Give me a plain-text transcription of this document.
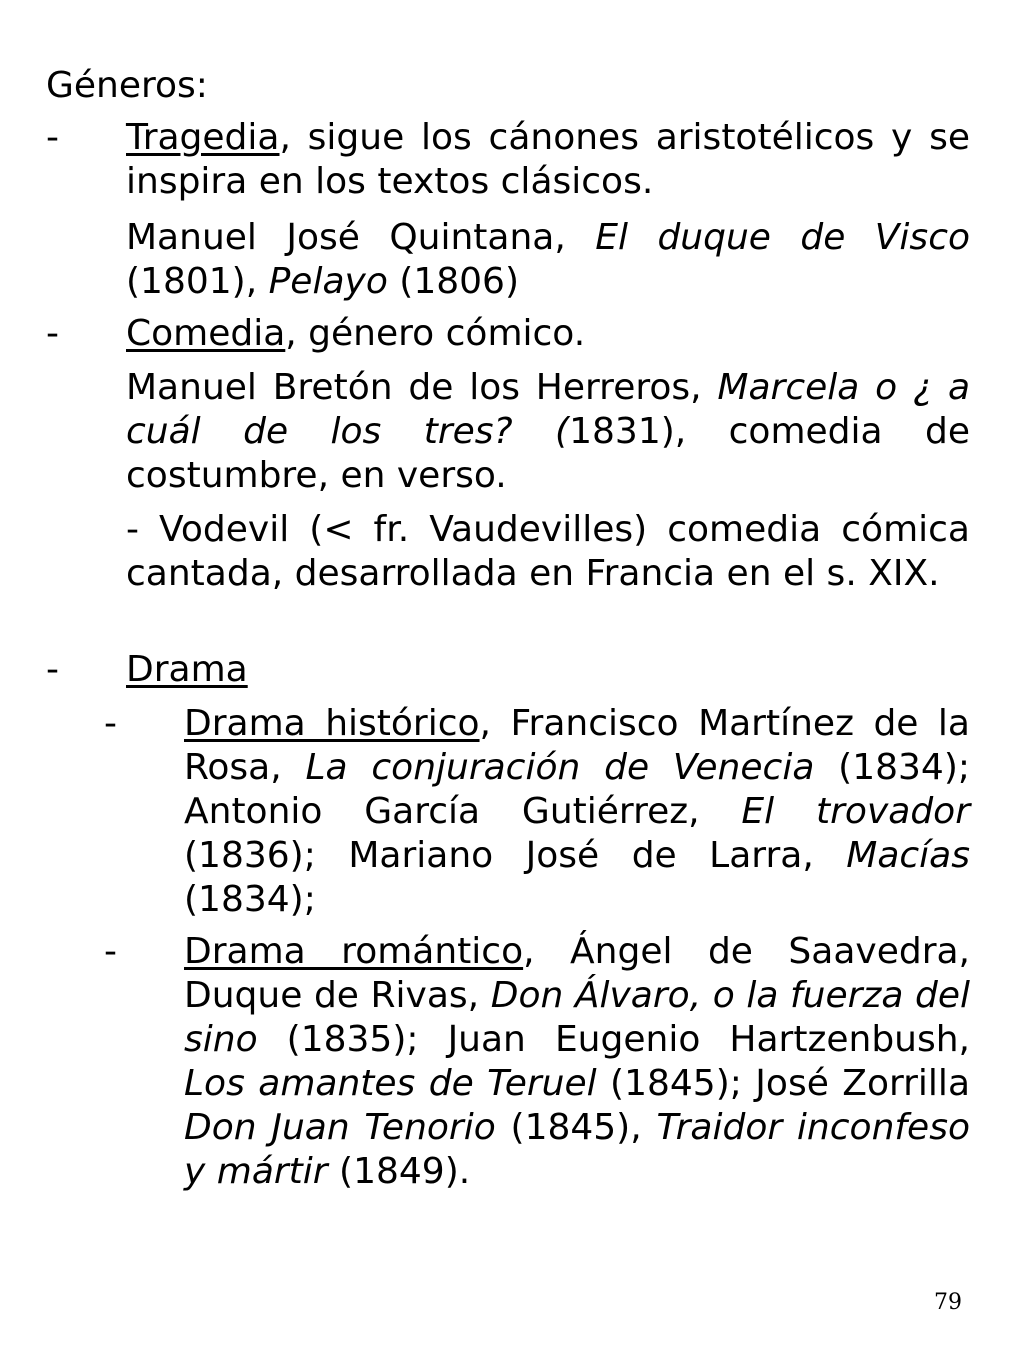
Géneros:

- Tragedia, sigue los cánones aristotélicos y se inspira en los textos clásicos.

Manuel José Quintana, El duque de Visco (1801), Pelayo (1806)

- Comedia, género cómico.

Manuel Bretón de los Herreros, Marcela o ¿ a cuál de los tres? (1831), comedia de costumbre, en verso.

- Vodevil (< fr. Vaudevilles) comedia cómica cantada, desarrollada en Francia en el s. XIX.

- Drama

- Drama histórico, Francisco Martínez de la Rosa, La conjuración de Venecia (1834); Antonio García Gutiérrez, El trovador (1836); Mariano José de Larra, Macías (1834);

- Drama romántico, Ángel de Saavedra, Duque de Rivas, Don Álvaro, o la fuerza del sino (1835); Juan Eugenio Hartzenbush, Los amantes de Teruel (1845); José Zorrilla Don Juan Tenorio (1845), Traidor inconfeso y mártir (1849).

79
